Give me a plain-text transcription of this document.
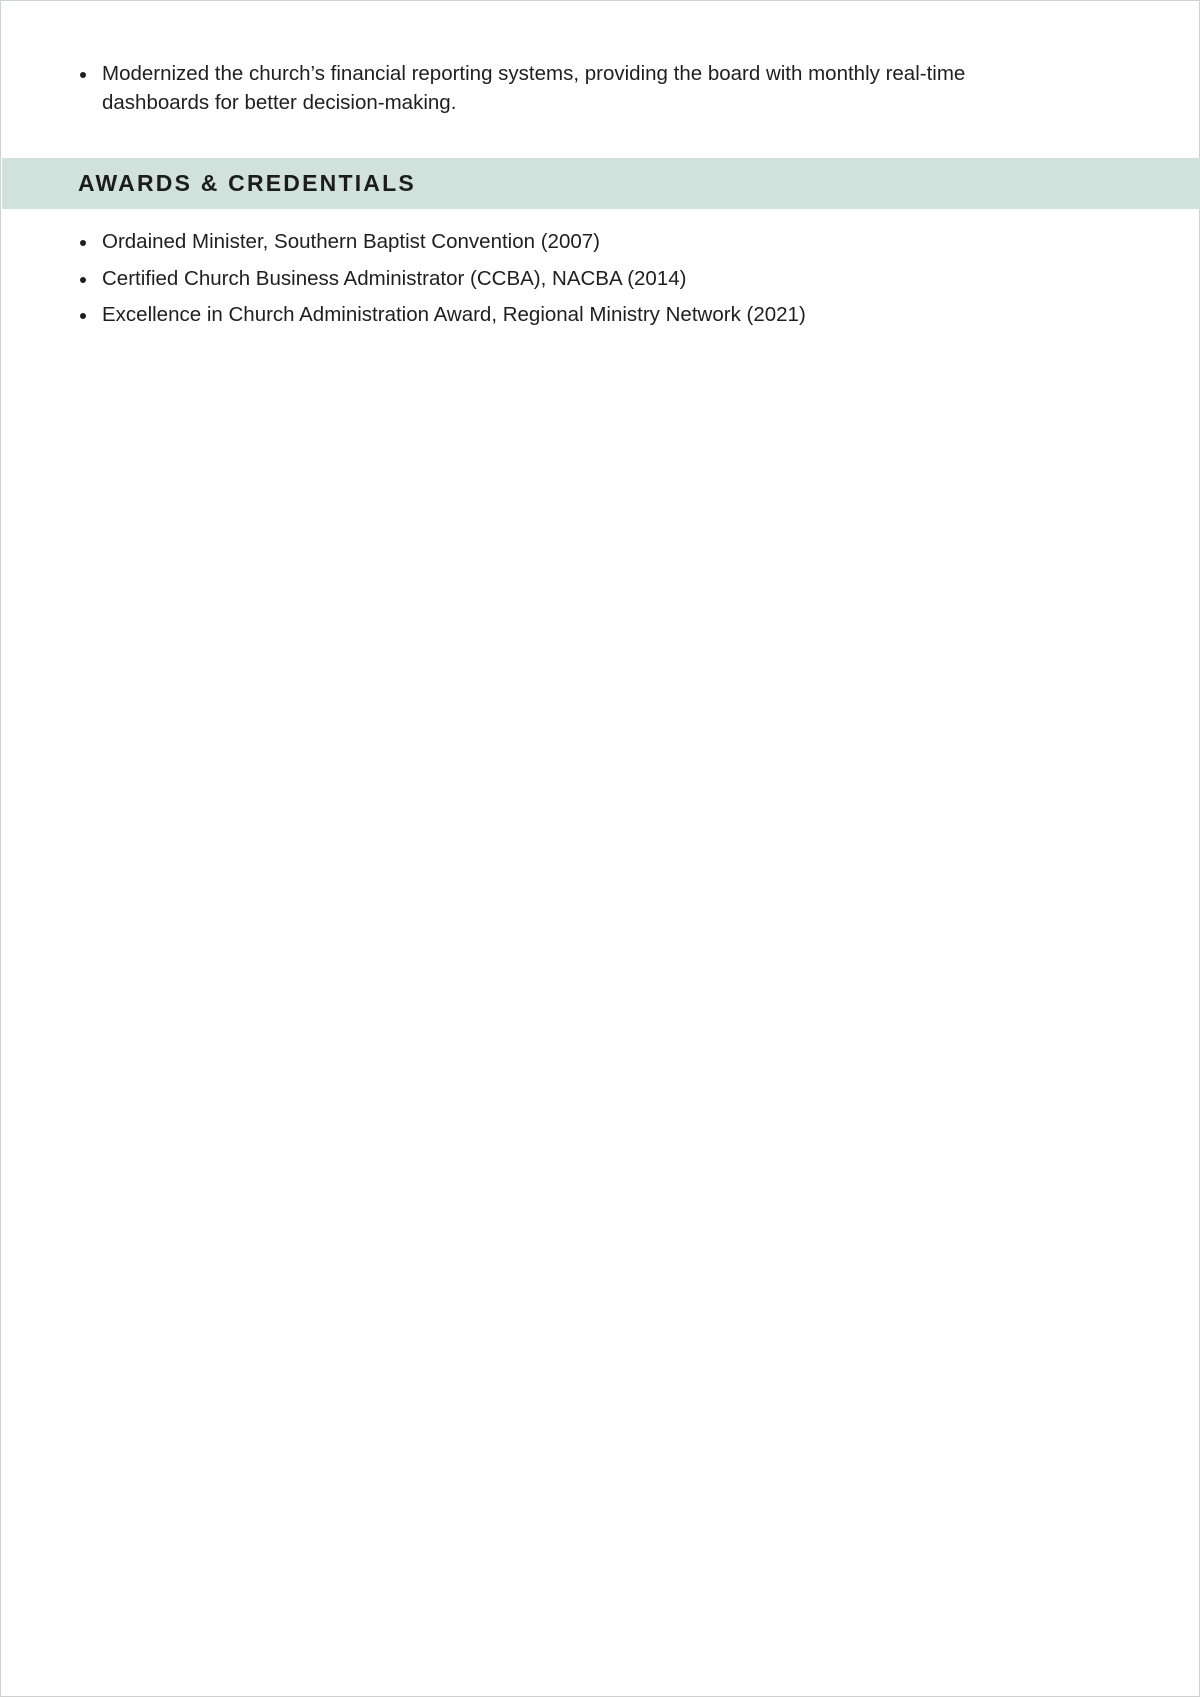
Modernized the church’s financial reporting systems, providing the board with monthly real-time dashboards for better decision-making.
AWARDS & CREDENTIALS
Ordained Minister, Southern Baptist Convention (2007)
Certified Church Business Administrator (CCBA), NACBA (2014)
Excellence in Church Administration Award, Regional Ministry Network (2021)
